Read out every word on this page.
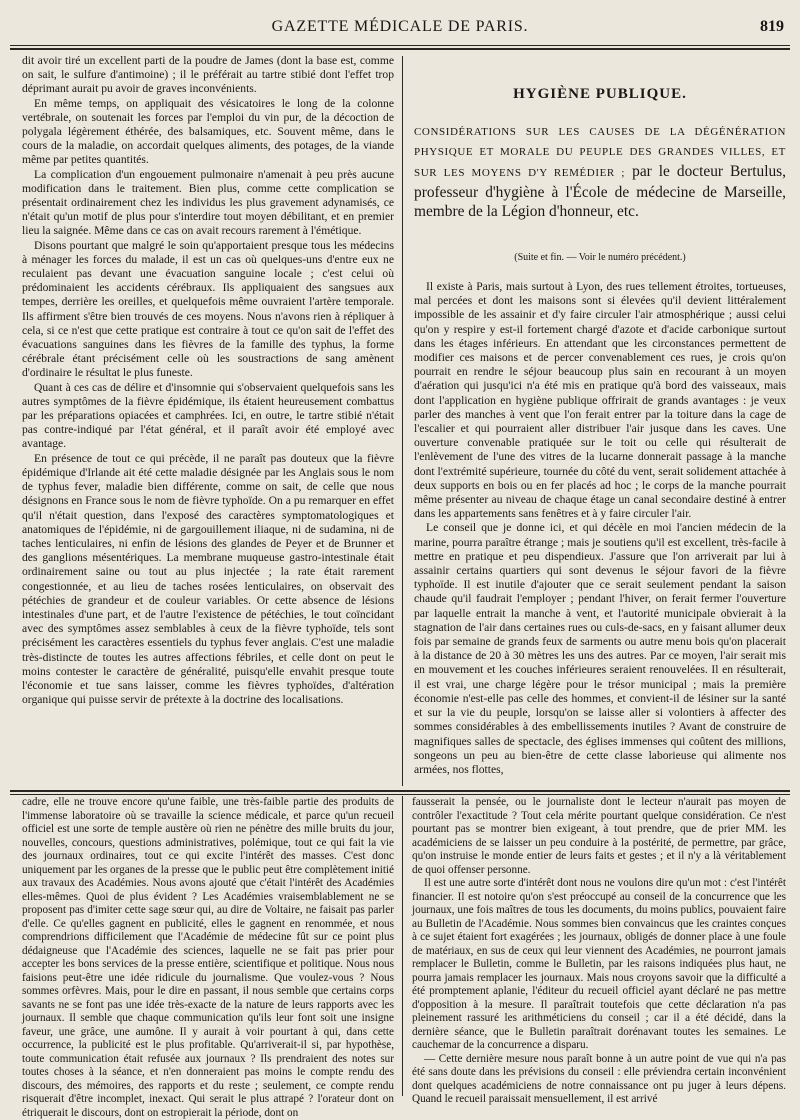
GAZETTE MÉDICALE DE PARIS.	819

dit avoir tiré un excellent parti de la poudre de James (dont la base est, comme on sait, le sulfure d'antimoine) ; il le préférait au tartre stibié dont l'effet trop déprimant aurait pu avoir de graves inconvénients.

En même temps, on appliquait des vésicatoires le long de la colonne vertébrale, on soutenait les forces par l'emploi du vin pur, de la décoction de polygala légèrement éthérée, des balsamiques, etc. Souvent même, dans le cours de la maladie, on accordait quelques aliments, des potages, de la viande même par petites quantités.

La complication d'un engouement pulmonaire n'amenait à peu près aucune modification dans le traitement. Bien plus, comme cette complication se présentait ordinairement chez les individus les plus gravement adynamisés, ce n'était qu'un motif de plus pour s'interdire tout moyen débilitant, et en premier lieu la saignée. Même dans ce cas on avait recours rarement à l'émétique.

Disons pourtant que malgré le soin qu'apportaient presque tous les médecins à ménager les forces du malade, il est un cas où quelques-uns d'entre eux ne reculaient pas devant une évacuation sanguine locale ; c'est celui où prédominaient les accidents cérébraux. Ils appliquaient des sangsues aux tempes, derrière les oreilles, et quelquefois même ouvraient l'artère temporale. Ils affirment s'être bien trouvés de ces moyens. Nous n'avons rien à répliquer à cela, si ce n'est que cette pratique est contraire à tout ce qu'on sait de l'effet des évacuations sanguines dans les fièvres de la famille des typhus, la forme cérébrale étant précisément celle où les soustractions de sang amènent d'ordinaire le résultat le plus funeste.

Quant à ces cas de délire et d'insomnie qui s'observaient quelquefois sans les autres symptômes de la fièvre épidémique, ils étaient heureusement combattus par les préparations opiacées et camphrées. Ici, en outre, le tartre stibié n'était pas contre-indiqué par l'état général, et il paraît avoir été employé avec avantage.

En présence de tout ce qui précède, il ne paraît pas douteux que la fièvre épidémique d'Irlande ait été cette maladie désignée par les Anglais sous le nom de typhus fever, maladie bien différente, comme on sait, de celle que nous désignons en France sous le nom de fièvre typhoïde. On a pu remarquer en effet qu'il n'était question, dans l'exposé des caractères symptomatologiques et anatomiques de l'épidémie, ni de gargouillement iliaque, ni de sudamina, ni de taches lenticulaires, ni enfin de lésions des glandes de Peyer et de Brunner et des ganglions mésentériques. La membrane muqueuse gastro-intestinale était ordinairement saine ou tout au plus injectée ; la rate était rarement congestionnée, et au lieu de taches rosées lenticulaires, on observait des pétéchies de grandeur et de couleur variables. Or cette absence de lésions intestinales d'une part, et de l'autre l'existence de pétéchies, le tout coïncidant avec des symptômes assez semblables à ceux de la fièvre typhoïde, tels sont précisément les caractères essentiels du typhus fever anglais. C'est une maladie très-distincte de toutes les autres affections fébriles, et celle dont on peut le moins contester le caractère de généralité, puisqu'elle envahit presque toute l'économie et tue sans laisser, comme les fièvres typhoïdes, d'altération organique qui puisse servir de prétexte à la doctrine des localisations.

HYGIÈNE PUBLIQUE.
CONSIDÉRATIONS SUR LES CAUSES DE LA DÉGÉNÉRATION PHYSIQUE ET MORALE DU PEUPLE DES GRANDES VILLES, ET SUR LES MOYENS D'Y REMÉDIER ; par le docteur Bertulus, professeur d'hygiène à l'École de médecine de Marseille, membre de la Légion d'honneur, etc.
(Suite et fin. — Voir le numéro précédent.)

Il existe à Paris, mais surtout à Lyon, des rues tellement étroites, tortueuses, mal percées et dont les maisons sont si élevées qu'il devient littéralement impossible de les assainir et d'y faire circuler l'air atmosphérique ; aussi celui qu'on y respire y est-il fortement chargé d'azote et d'acide carbonique surtout dans les étages inférieurs. En attendant que les circonstances permettent de modifier ces maisons et de percer convenablement ces rues, je crois qu'on pourrait en rendre le séjour beaucoup plus sain en recourant à un moyen d'aération qui jusqu'ici n'a été mis en pratique qu'à bord des vaisseaux, mais dont l'application en hygiène publique offrirait de grands avantages : je veux parler des manches à vent que l'on ferait entrer par la toiture dans la cage de l'escalier et qui pourraient aller distribuer l'air jusque dans les caves. Une ouverture convenable pratiquée sur le toit ou celle qui résulterait de l'enlèvement de l'une des vitres de la lucarne donnerait passage à la manche dont l'extrémité supérieure, tournée du côté du vent, serait solidement attachée à deux supports en bois ou en fer placés ad hoc ; le corps de la manche pourrait même présenter au niveau de chaque étage un canal secondaire destiné à entrer dans les appartements sans fenêtres et à y faire circuler l'air.

Le conseil que je donne ici, et qui décèle en moi l'ancien médecin de la marine, pourra paraître étrange ; mais je soutiens qu'il est excellent, très-facile à mettre en pratique et peu dispendieux. J'assure que l'on arriverait par lui à assainir certains quartiers qui sont devenus le séjour favori de la fièvre typhoïde. Il est inutile d'ajouter que ce serait seulement pendant la saison chaude qu'il faudrait l'employer ; pendant l'hiver, on ferait fermer l'ouverture par laquelle entrait la manche à vent, et l'autorité municipale obvierait à la stagnation de l'air dans certaines rues ou culs-de-sacs, en y faisant allumer deux fois par semaine de grands feux de sarments ou autre menu bois qu'on placerait à la distance de 20 à 30 mètres les uns des autres. Par ce moyen, l'air serait mis en mouvement et les couches inférieures seraient renouvelées. Il en résulterait, il est vrai, une charge légère pour le trésor municipal ; mais la première économie n'est-elle pas celle des hommes, et convient-il de lésiner sur la santé et sur la vie du peuple, lorsqu'on se laisse aller si volontiers à affecter des sommes considérables à des embellissements inutiles ? Avant de construire de magnifiques salles de spectacle, des églises immenses qui coûtent des millions, songeons un peu au bien-être de cette classe laborieuse qui alimente nos armées, nos flottes,

cadre, elle ne trouve encore qu'une faible, une très-faible partie des produits de l'immense laboratoire où se travaille la science médicale, et parce qu'un recueil officiel est une sorte de temple austère où rien ne pénètre des mille bruits du jour, nouvelles, concours, questions administratives, polémique, tout ce qui fait la vie des journaux ordinaires, tout ce qui excite l'intérêt des masses. C'est donc uniquement par les organes de la presse que le public peut être complètement initié aux travaux des Académies. Nous avons ajouté que c'était l'intérêt des Académies elles-mêmes. Quoi de plus évident ? Les Académies vraisemblablement ne se proposent pas d'imiter cette sage sœur qui, au dire de Voltaire, ne faisait pas parler d'elle. Ce qu'elles gagnent en publicité, elles le gagnent en renommée, et nous comprendrions difficilement que l'Académie de médecine fût sur ce point plus dédaigneuse que l'Académie des sciences, laquelle ne se fait pas prier pour accepter les bons services de la presse entière, scientifique et politique. Nous nous faisions peut-être une idée ridicule du journalisme. Que voulez-vous ? Nous sommes orfèvres. Mais, pour le dire en passant, il nous semble que certains corps savants ne se font pas une idée très-exacte de la nature de leurs rapports avec les journaux. Il semble que chaque communication qu'ils leur font soit une insigne faveur, une grâce, une aumône. Il y aurait à voir pourtant à qui, dans cette occurrence, la publicité est le plus profitable. Qu'arriverait-il si, par hypothèse, toute communication était refusée aux journaux ? Ils prendraient des notes sur toutes choses à la séance, et n'en donneraient pas moins le compte rendu des discours, des mémoires, des rapports et du reste ; seulement, ce compte rendu risquerait d'être incomplet, inexact. Qui serait le plus attrapé ? l'orateur dont on étriquerait le discours, dont on estropierait la période, dont on

fausserait la pensée, ou le journaliste dont le lecteur n'aurait pas moyen de contrôler l'exactitude ? Tout cela mérite pourtant quelque considération. Ce n'est pourtant pas se montrer bien exigeant, à tout prendre, que de prier MM. les académiciens de se laisser un peu conduire à la postérité, de permettre, par grâce, qu'on instruise le monde entier de leurs faits et gestes ; et il n'y a là véritablement de quoi offenser personne.

Il est une autre sorte d'intérêt dont nous ne voulons dire qu'un mot : c'est l'intérêt financier. Il est notoire qu'on s'est préoccupé au conseil de la concurrence que les journaux, une fois maîtres de tous les documents, du moins publics, pouvaient faire au Bulletin de l'Académie. Nous sommes bien convaincus que les craintes conçues à ce sujet étaient fort exagérées ; les journaux, obligés de donner place à une foule de matériaux, en sus de ceux qui leur viennent des Académies, ne pourront jamais remplacer le Bulletin, comme le Bulletin, par les raisons indiquées plus haut, ne pourra jamais remplacer les journaux. Mais nous croyons savoir que la difficulté a été promptement aplanie, l'éditeur du recueil officiel ayant déclaré ne pas mettre d'opposition à la mesure. Il paraîtrait toutefois que cette déclaration n'a pas pleinement rassuré les arithméticiens du conseil ; car il a été décidé, dans la dernière séance, que le Bulletin paraîtrait dorénavant toutes les semaines. Le cauchemar de la concurrence a disparu.

— Cette dernière mesure nous paraît bonne à un autre point de vue qui n'a pas été sans doute dans les prévisions du conseil : elle préviendra certain inconvénient dont quelques académiciens de notre connaissance ont pu juger à leurs dépens. Quand le recueil paraissait mensuellement, il est arrivé
